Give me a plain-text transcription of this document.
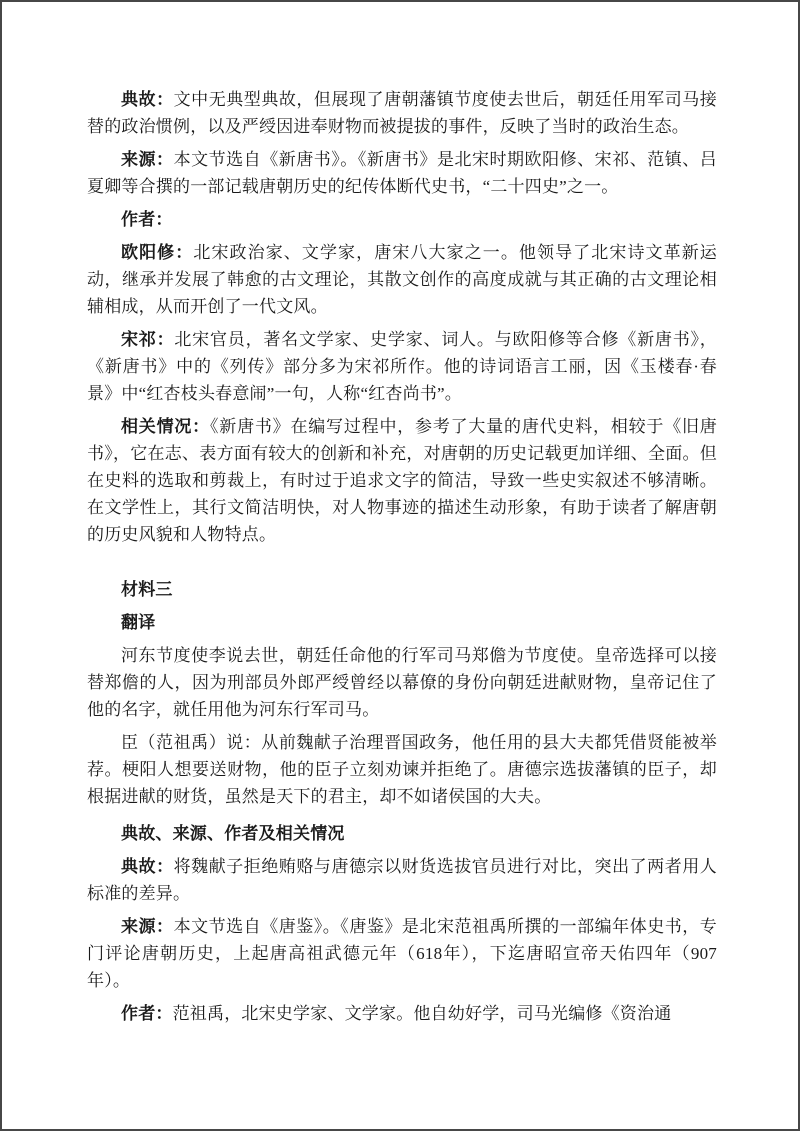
典故：文中无典型典故，但展现了唐朝藩镇节度使去世后，朝廷任用军司马接替的政治惯例，以及严绶因进奉财物而被提拔的事件，反映了当时的政治生态。

来源：本文节选自《新唐书》。《新唐书》是北宋时期欧阳修、宋祁、范镇、吕夏卿等合撰的一部记载唐朝历史的纪传体断代史书，“二十四史”之一。

作者：

欧阳修：北宋政治家、文学家，唐宋八大家之一。他领导了北宋诗文革新运动，继承并发展了韩愈的古文理论，其散文创作的高度成就与其正确的古文理论相辅相成，从而开创了一代文风。

宋祁：北宋官员，著名文学家、史学家、词人。与欧阳修等合修《新唐书》，《新唐书》中的《列传》部分多为宋祁所作。他的诗词语言工丽，因《玉楼春·春景》中“红杏枝头春意闹”一句，人称“红杏尚书”。

相关情况：《新唐书》在编写过程中，参考了大量的唐代史料，相较于《旧唐书》，它在志、表方面有较大的创新和补充，对唐朝的历史记载更加详细、全面。但在史料的选取和剪裁上，有时过于追求文字的简洁，导致一些史实叙述不够清晰。在文学性上，其行文简洁明快，对人物事迹的描述生动形象，有助于读者了解唐朝的历史风貌和人物特点。

材料三

翻译

河东节度使李说去世，朝廷任命他的行军司马郑儋为节度使。皇帝选择可以接替郑儋的人，因为刑部员外郎严绶曾经以幕僚的身份向朝廷进献财物，皇帝记住了他的名字，就任用他为河东行军司马。

臣（范祖禹）说：从前魏献子治理晋国政务，他任用的县大夫都凭借贤能被举荐。梗阳人想要送财物，他的臣子立刻劝谏并拒绝了。唐德宗选拔藩镇的臣子，却根据进献的财货，虽然是天下的君主，却不如诸侯国的大夫。

典故、来源、作者及相关情况

典故：将魏献子拒绝贿赂与唐德宗以财货选拔官员进行对比，突出了两者用人标准的差异。

来源：本文节选自《唐鉴》。《唐鉴》是北宋范祖禹所撰的一部编年体史书，专门评论唐朝历史，上起唐高祖武德元年（618年），下迄唐昭宣帝天佑四年（907年）。

作者：范祖禹，北宋史学家、文学家。他自幼好学，司马光编修《资治通
